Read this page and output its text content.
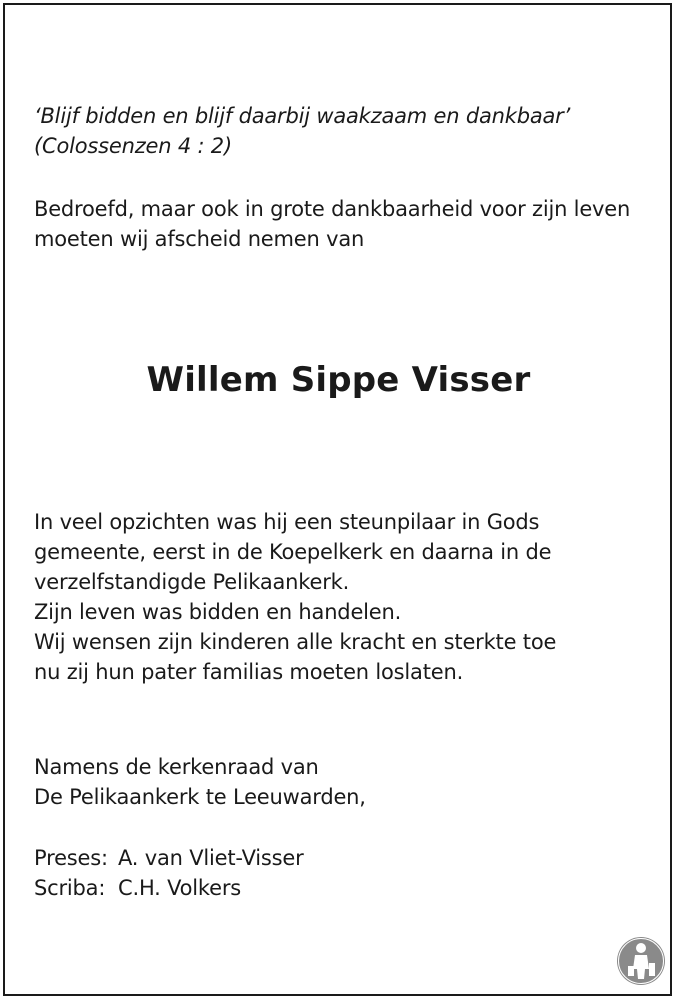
‘Blijf bidden en blijf daarbij waakzaam en dankbaar’
(Colossenzen 4 : 2)
Bedroefd, maar ook in grote dankbaarheid voor zijn leven
moeten wij afscheid nemen van
Willem Sippe Visser
In veel opzichten was hij een steunpilaar in Gods
gemeente, eerst in de Koepelkerk en daarna in de
verzelfstandigde Pelikaankerk.
Zijn leven was bidden en handelen.
Wij wensen zijn kinderen alle kracht en sterkte toe
nu zij hun pater familias moeten loslaten.
Namens de kerkenraad van
De Pelikaankerk te Leeuwarden,
Preses: A. van Vliet-Visser
Scriba: C.H. Volkers
